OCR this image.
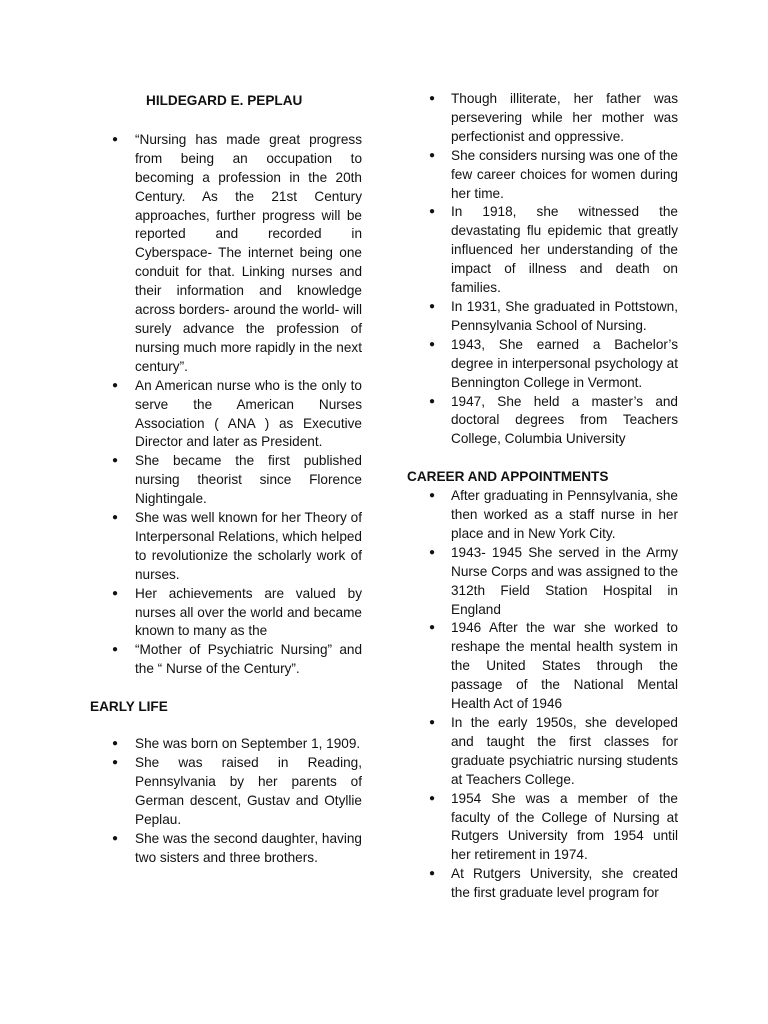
HILDEGARD E. PEPLAU
● “Nursing has made great progress from being an occupation to becoming a profession in the 20th Century. As the 21st Century approaches, further progress will be reported and recorded in Cyberspace- The internet being one conduit for that. Linking nurses and their information and knowledge across borders- around the world- will surely advance the profession of nursing much more rapidly in the next century”.
● An American nurse who is the only to serve the American Nurses Association ( ANA ) as Executive Director and later as President.
● She became the first published nursing theorist since Florence Nightingale.
● She was well known for her Theory of Interpersonal Relations, which helped to revolutionize the scholarly work of nurses.
● Her achievements are valued by nurses all over the world and became known to many as the
● “Mother of Psychiatric Nursing” and the “ Nurse of the Century”.
EARLY LIFE
● She was born on September 1, 1909.
● She was raised in Reading, Pennsylvania by her parents of German descent, Gustav and Otyllie Peplau.
● She was the second daughter, having two sisters and three brothers.
● Though illiterate, her father was persevering while her mother was perfectionist and oppressive.
● She considers nursing was one of the few career choices for women during her time.
● In 1918, she witnessed the devastating flu epidemic that greatly influenced her understanding of the impact of illness and death on families.
● In 1931, She graduated in Pottstown, Pennsylvania School of Nursing.
● 1943, She earned a Bachelor’s degree in interpersonal psychology at Bennington College in Vermont.
● 1947, She held a master’s and doctoral degrees from Teachers College, Columbia University
CAREER AND APPOINTMENTS
● After graduating in Pennsylvania, she then worked as a staff nurse in her place and in New York City.
● 1943- 1945 She served in the Army Nurse Corps and was assigned to the 312th Field Station Hospital in England
● 1946 After the war she worked to reshape the mental health system in the United States through the passage of the National Mental Health Act of 1946
● In the early 1950s, she developed and taught the first classes for graduate psychiatric nursing students at Teachers College.
● 1954 She was a member of the faculty of the College of Nursing at Rutgers University from 1954 until her retirement in 1974.
● At Rutgers University, she created the first graduate level program for
